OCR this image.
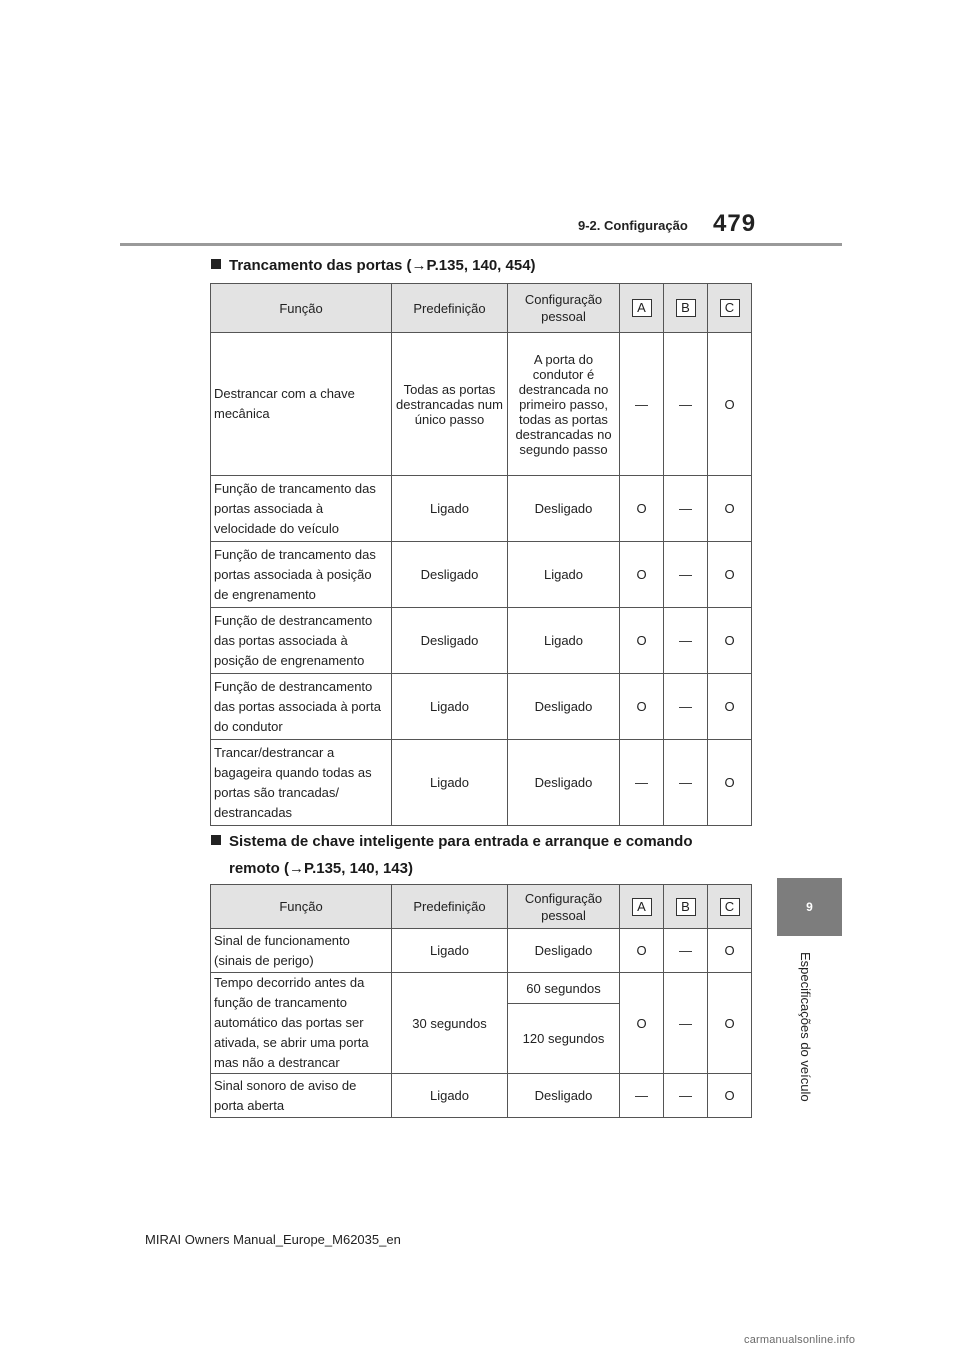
9-2. Configuração 479
9
Especificações do veículo
Trancamento das portas (→P.135, 140, 454)
Função	Predefinição	Configuração pessoal	A	B	C
Destrancar com a chave mecânica	Todas as portas destrancadas num único passo	A porta do condutor é destrancada no primeiro passo, todas as portas destrancadas no segundo passo	—	—	O
Função de trancamento das portas associada à velocidade do veículo	Ligado	Desligado	O	—	O
Função de trancamento das portas associada à posição de engrenamento	Desligado	Ligado	O	—	O
Função de destrancamento das portas associada à posição de engrenamento	Desligado	Ligado	O	—	O
Função de destrancamento das portas associada à porta do condutor	Ligado	Desligado	O	—	O
Trancar/destrancar a bagageira quando todas as portas são trancadas/ destrancadas	Ligado	Desligado	—	—	O
Sistema de chave inteligente para entrada e arranque e comando
remoto (→P.135, 140, 143)
Função	Predefinição	Configuração pessoal	A	B	C
Sinal de funcionamento (sinais de perigo)	Ligado	Desligado	O	—	O
Tempo decorrido antes da função de trancamento automático das portas ser ativada, se abrir uma porta mas não a destrancar	30 segundos	60 segundos	O	—	O
		120 segundos			
Sinal sonoro de aviso de porta aberta	Ligado	Desligado	—	—	O
MIRAI Owners Manual_Europe_M62035_en
carmanualsonline.info
